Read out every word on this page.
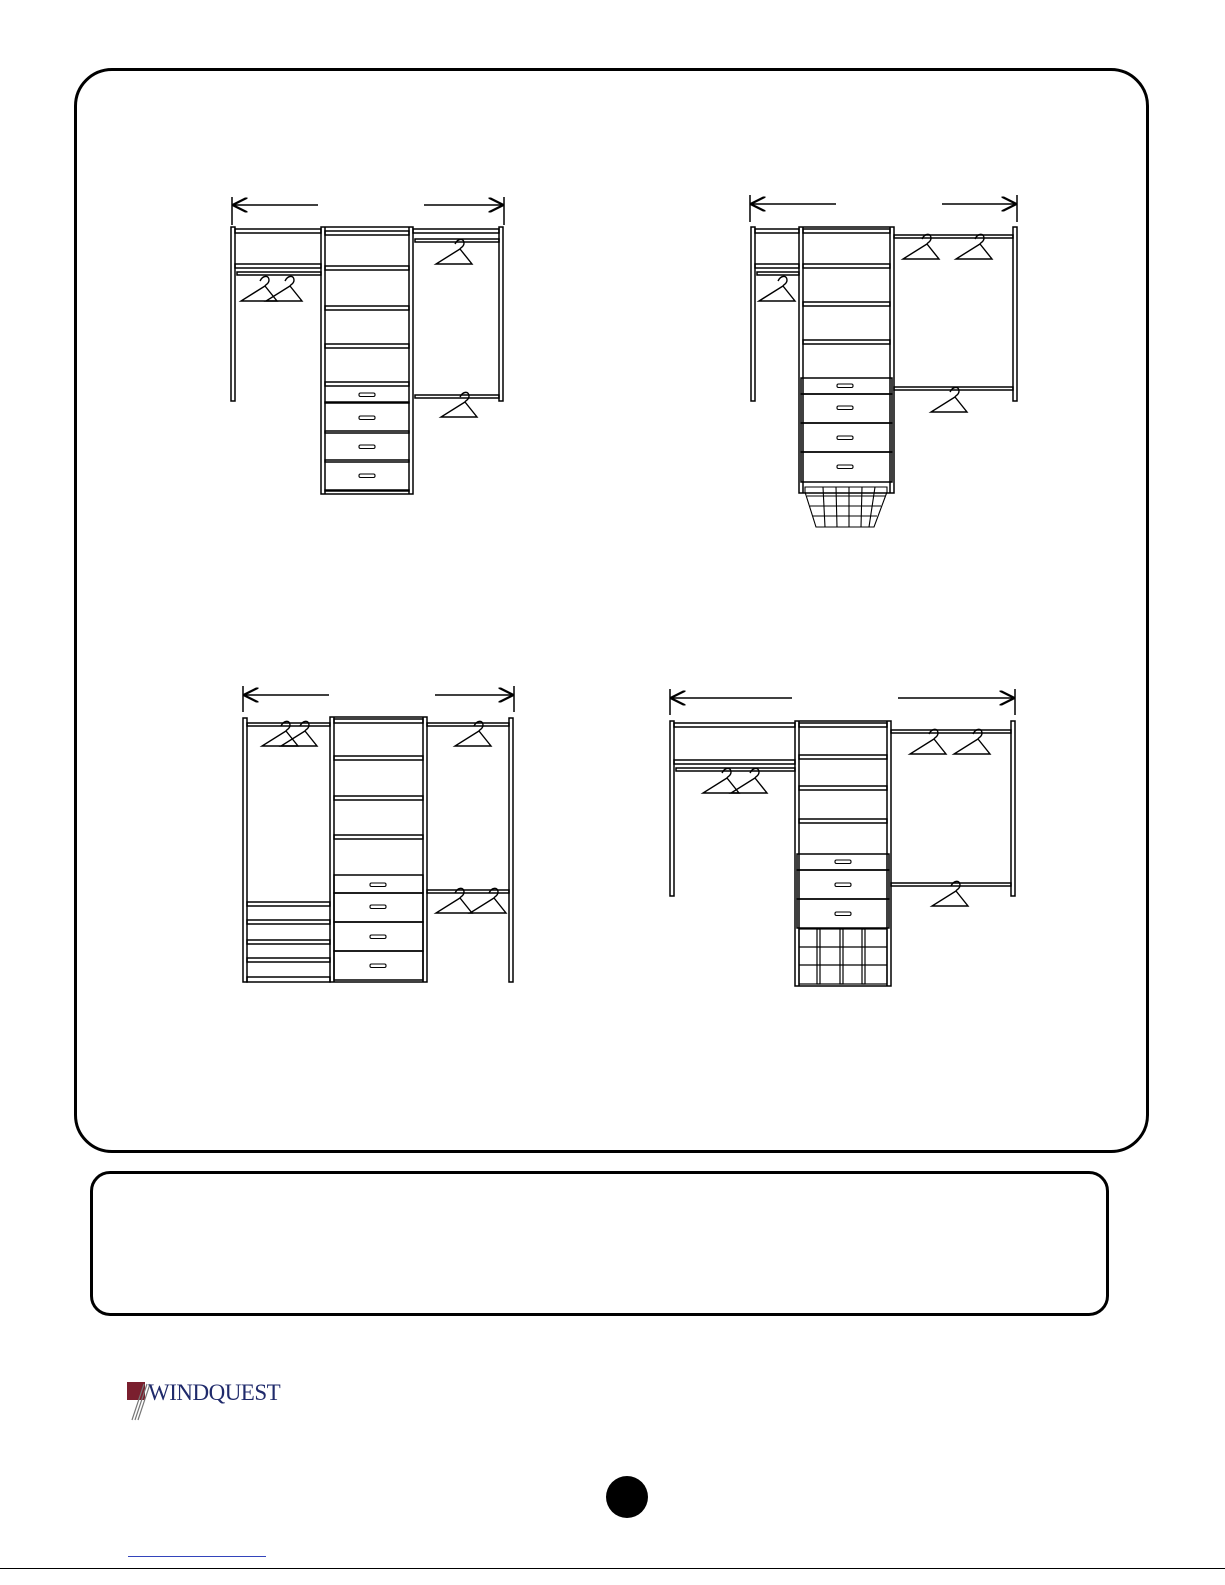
WINDQUEST
